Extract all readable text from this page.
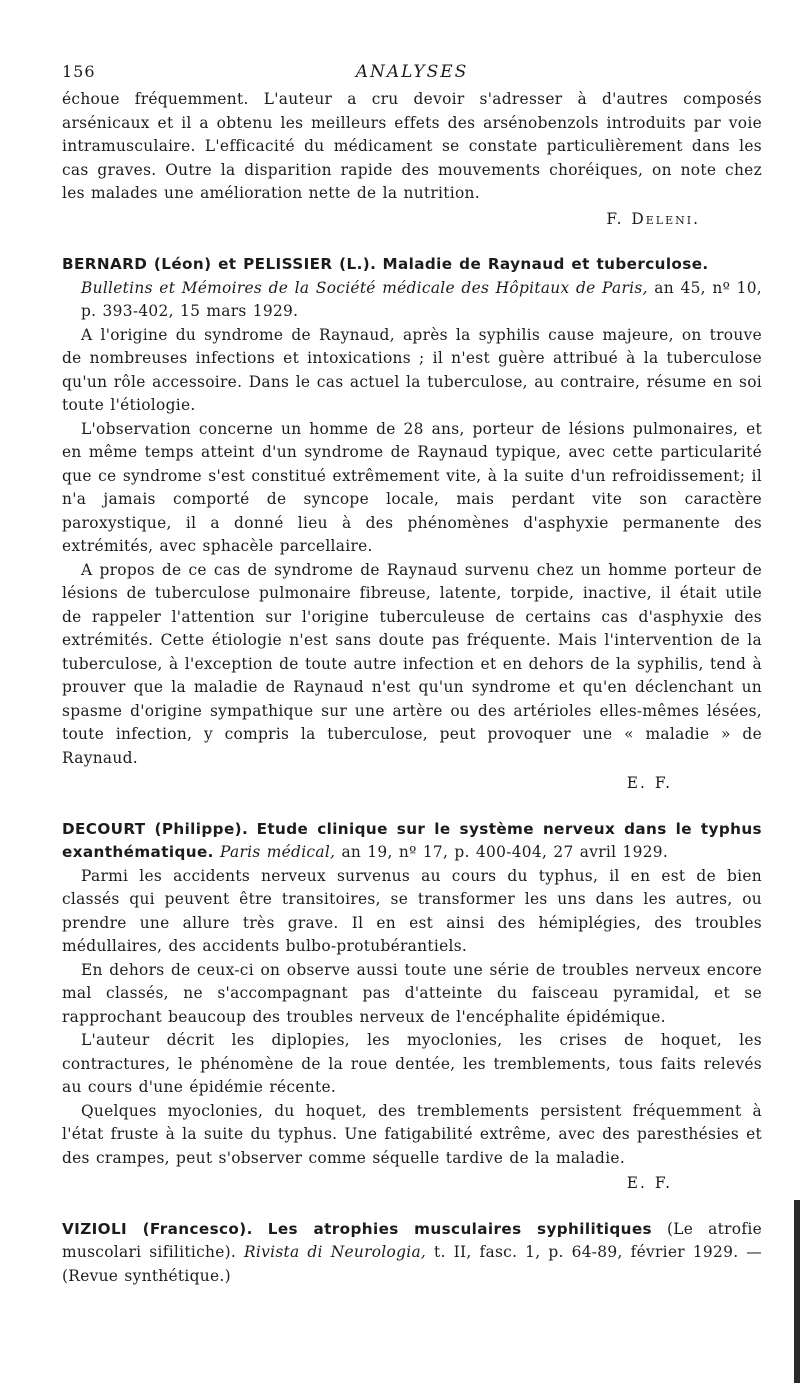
156	ANALYSES

échoue fréquemment. L'auteur a cru devoir s'adresser à d'autres composés arsénicaux et il a obtenu les meilleurs effets des arsénobenzols introduits par voie intramusculaire. L'efficacité du médicament se constate particulièrement dans les cas graves. Outre la disparition rapide des mouvements choréiques, on note chez les malades une amélioration nette de la nutrition.

F. Deleni.

BERNARD (Léon) et PELISSIER (L.). Maladie de Raynaud et tuberculose.
Bulletins et Mémoires de la Société médicale des Hôpitaux de Paris, an 45, nº 10, p. 393-402, 15 mars 1929.

A l'origine du syndrome de Raynaud, après la syphilis cause majeure, on trouve de nombreuses infections et intoxications ; il n'est guère attribué à la tuberculose qu'un rôle accessoire. Dans le cas actuel la tuberculose, au contraire, résume en soi toute l'étiologie.

L'observation concerne un homme de 28 ans, porteur de lésions pulmonaires, et en même temps atteint d'un syndrome de Raynaud typique, avec cette particularité que ce syndrome s'est constitué extrêmement vite, à la suite d'un refroidissement; il n'a jamais comporté de syncope locale, mais perdant vite son caractère paroxystique, il a donné lieu à des phénomènes d'asphyxie permanente des extrémités, avec sphacèle parcellaire.

A propos de ce cas de syndrome de Raynaud survenu chez un homme porteur de lésions de tuberculose pulmonaire fibreuse, latente, torpide, inactive, il était utile de rappeler l'attention sur l'origine tuberculeuse de certains cas d'asphyxie des extrémités. Cette étiologie n'est sans doute pas fréquente. Mais l'intervention de la tuberculose, à l'exception de toute autre infection et en dehors de la syphilis, tend à prouver que la maladie de Raynaud n'est qu'un syndrome et qu'en déclenchant un spasme d'origine sympathique sur une artère ou des artérioles elles-mêmes lésées, toute infection, y compris la tuberculose, peut provoquer une « maladie » de Raynaud.

E. F.

DECOURT (Philippe). Etude clinique sur le système nerveux dans le typhus exanthématique. Paris médical, an 19, nº 17, p. 400-404, 27 avril 1929.

Parmi les accidents nerveux survenus au cours du typhus, il en est de bien classés qui peuvent être transitoires, se transformer les uns dans les autres, ou prendre une allure très grave. Il en est ainsi des hémiplégies, des troubles médullaires, des accidents bulbo-protubérantiels.

En dehors de ceux-ci on observe aussi toute une série de troubles nerveux encore mal classés, ne s'accompagnant pas d'atteinte du faisceau pyramidal, et se rapprochant beaucoup des troubles nerveux de l'encéphalite épidémique.

L'auteur décrit les diplopies, les myoclonies, les crises de hoquet, les contractures, le phénomène de la roue dentée, les tremblements, tous faits relevés au cours d'une épidémie récente.

Quelques myoclonies, du hoquet, des tremblements persistent fréquemment à l'état fruste à la suite du typhus. Une fatigabilité extrême, avec des paresthésies et des crampes, peut s'observer comme séquelle tardive de la maladie.

E. F.

VIZIOLI (Francesco). Les atrophies musculaires syphilitiques (Le atrofie muscolari sifilitiche). Rivista di Neurologia, t. II, fasc. 1, p. 64-89, février 1929. — (Revue synthétique.)
